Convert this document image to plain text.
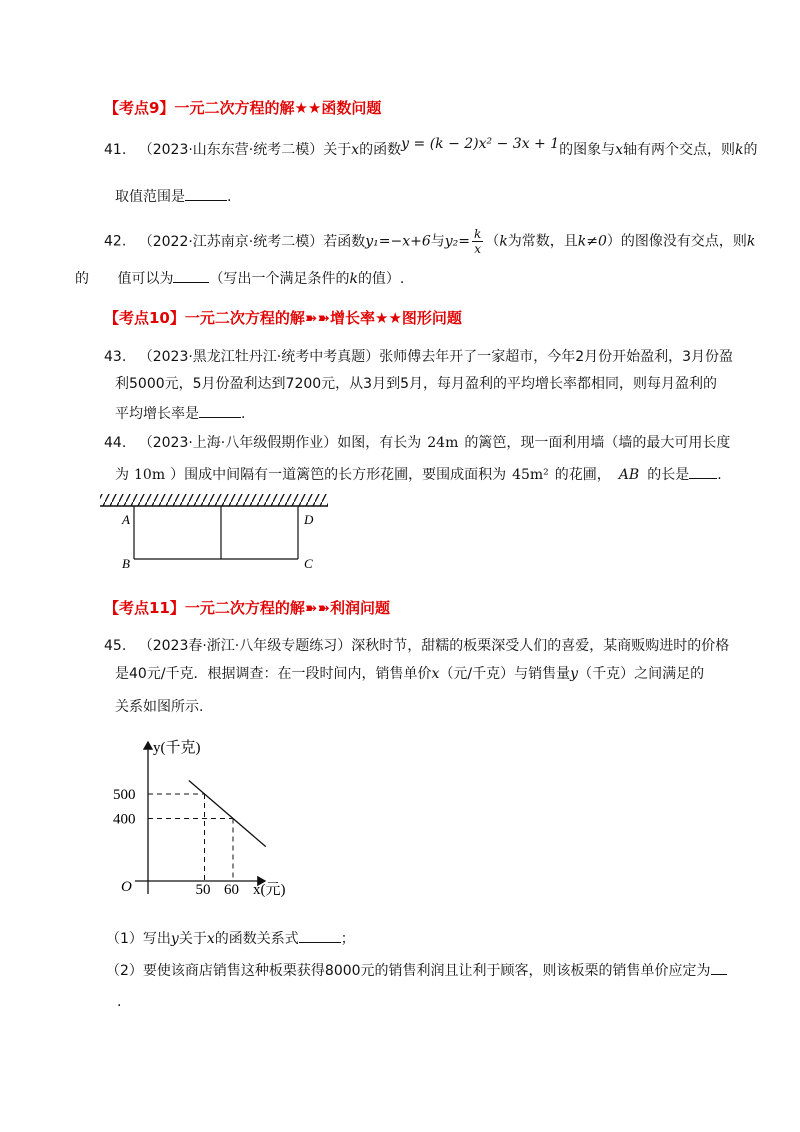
【考点9】一元二次方程的解★★函数问题
41. （2023·山东东营·统考二模）关于x的函数y = (k − 2)x² − 3x + 1的图象与x轴有两个交点，则k的
取值范围是	.
42. （2022·江苏南京·统考二模）若函数y₁=−x+6与$y_2= \frac{k}{x} (k$为常数，且k≠0）的图像没有交点，则k
的 值可以为	（写出一个满足条件的k的值）.
【考点10】一元二次方程的解➽➽增长率★★图形问题
43. （2023·黑龙江牡丹江·统考中考真题）张师傅去年开了一家超市，今年2月份开始盈利，3月份盈
利5000元，5月份盈利达到7200元，从3月到5月，每月盈利的平均增长率都相同，则每月盈利的
平均增长率是	.
44. （2023·上海·八年级假期作业）如图，有长为 24m 的篱笆，现一面利用墙（墙的最大可用长度
为 10m ）围成中间隔有一道篱笆的长方形花圃，要围成面积为 45m² 的花圃， AB 的长是 .
A
B	C
D
【考点11】一元二次方程的解➽➽利润问题
45. （2023春·浙江·八年级专题练习）深秋时节，甜糯的板栗深受人们的喜爱，某商贩购进时的价格
是40元/千克．根据调查：在一段时间内，销售单价x（元/千克）与销售量y（千克）之间满足的
关系如图所示.
500
400
50 60
y(千克)
x(元)
O
（1）写出y关于x的函数关系式	；
（2）要使该商店销售这种板栗获得8000元的销售利润且让利于顾客，则该板栗的销售单价应定为
.
